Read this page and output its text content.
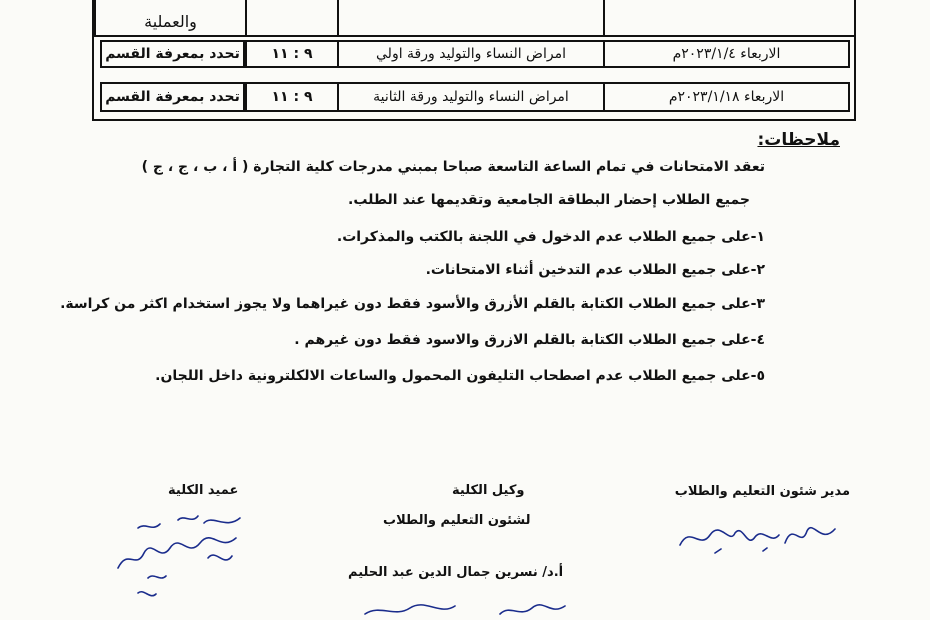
والعملية
تحدد بمعرفة القسم ٩ : ١١	امراض النساء والتوليد ورقة اولي	الاربعاء ٢٠٢٣/١/٤م
تحدد بمعرفة القسم ٩ : ١١	امراض النساء والتوليد ورقة الثانية	الاربعاء ٢٠٢٣/١/١٨م
ملاحظات:
تعقد الامتحانات في تمام الساعة التاسعة صباحا بمبني مدرجات كلية التجارة ( أ ، ب ، ج ، ج )
جميع الطلاب إحضار البطاقة الجامعية وتقديمها عند الطلب.
١-على جميع الطلاب عدم الدخول في اللجنة بالكتب والمذكرات.
٢-على جميع الطلاب عدم التدخين أثناء الامتحانات.
٣-على جميع الطلاب الكتابة بالقلم الأزرق والأسود فقط دون غيراهما ولا يجوز استخدام اكثر من كراسة.
٤-على جميع الطلاب الكتابة بالقلم الازرق والاسود فقط دون غيرهم .
٥-على جميع الطلاب عدم اصطحاب التليفون المحمول والساعات الالكلترونية داخل اللجان.
مدير شئون التعليم والطلاب
وكيل الكلية
لشئون التعليم والطلاب
أ.د/ نسرين جمال الدين عبد الحليم
عميد الكلية
